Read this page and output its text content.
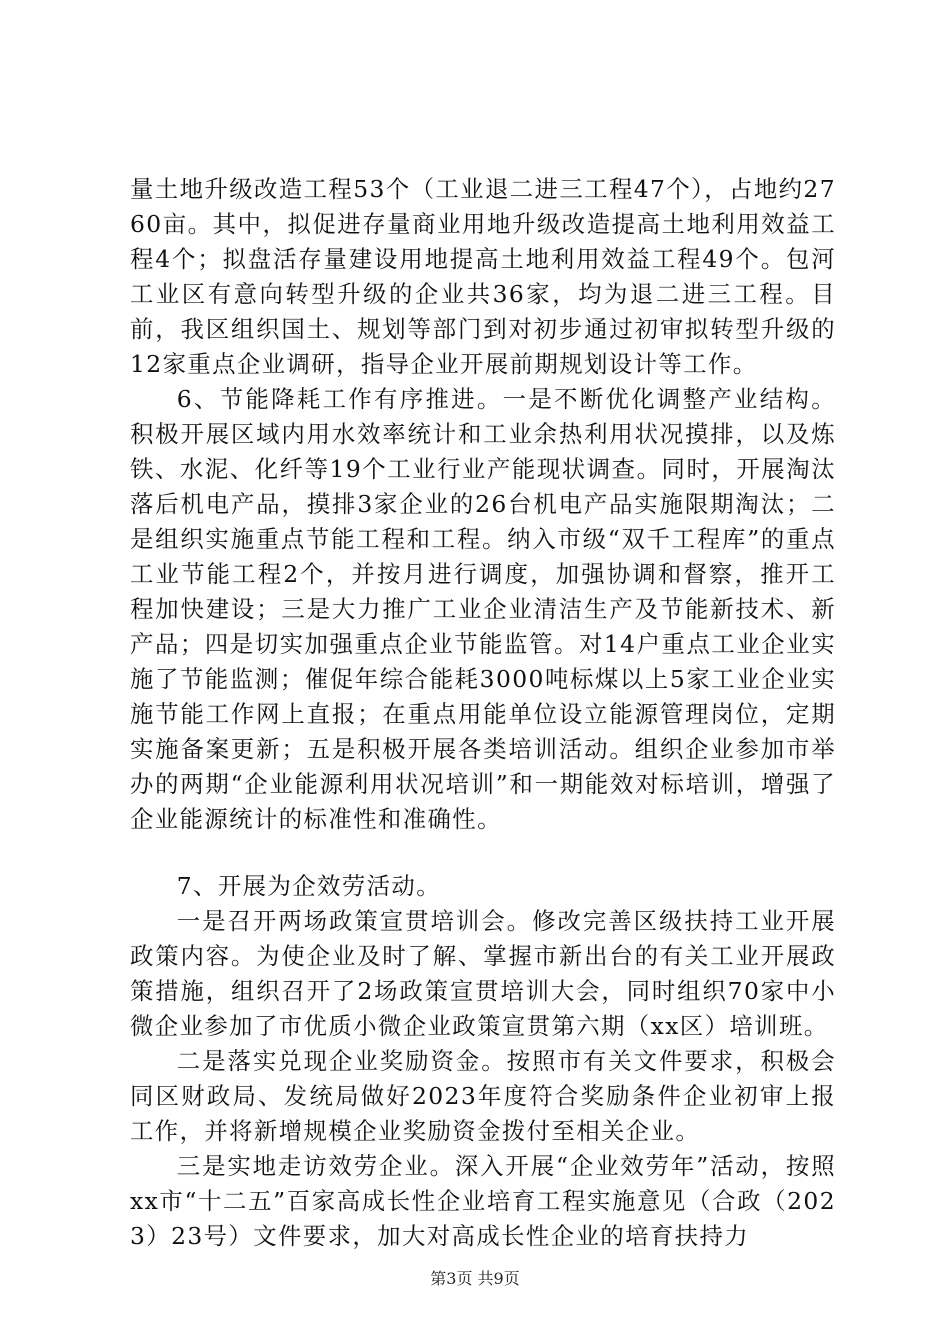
量土地升级改造工程53个（工业退二进三工程47个），占地约2760亩。其中，拟促进存量商业用地升级改造提高土地利用效益工程4个；拟盘活存量建设用地提高土地利用效益工程49个。包河工业区有意向转型升级的企业共36家，均为退二进三工程。目前，我区组织国土、规划等部门到对初步通过初审拟转型升级的12家重点企业调研，指导企业开展前期规划设计等工作。

6、节能降耗工作有序推进。一是不断优化调整产业结构。积极开展区域内用水效率统计和工业余热利用状况摸排，以及炼铁、水泥、化纤等19个工业行业产能现状调查。同时，开展淘汰落后机电产品，摸排3家企业的26台机电产品实施限期淘汰；二是组织实施重点节能工程和工程。纳入市级“双千工程库”的重点工业节能工程2个，并按月进行调度，加强协调和督察，推开工程加快建设；三是大力推广工业企业清洁生产及节能新技术、新产品；四是切实加强重点企业节能监管。对14户重点工业企业实施了节能监测；催促年综合能耗3000吨标煤以上5家工业企业实施节能工作网上直报；在重点用能单位设立能源管理岗位，定期实施备案更新；五是积极开展各类培训活动。组织企业参加市举办的两期“企业能源利用状况培训”和一期能效对标培训，增强了企业能源统计的标准性和准确性。

7、开展为企效劳活动。

一是召开两场政策宣贯培训会。修改完善区级扶持工业开展政策内容。为使企业及时了解、掌握市新出台的有关工业开展政策措施，组织召开了2场政策宣贯培训大会，同时组织70家中小微企业参加了市优质小微企业政策宣贯第六期（xx区）培训班。

二是落实兑现企业奖励资金。按照市有关文件要求，积极会同区财政局、发统局做好2023年度符合奖励条件企业初审上报工作，并将新增规模企业奖励资金拨付至相关企业。

三是实地走访效劳企业。深入开展“企业效劳年”活动，按照xx市“十二五”百家高成长性企业培育工程实施意见（合政（2023）23号）文件要求，加大对高成长性企业的培育扶持力

第3页 共9页
